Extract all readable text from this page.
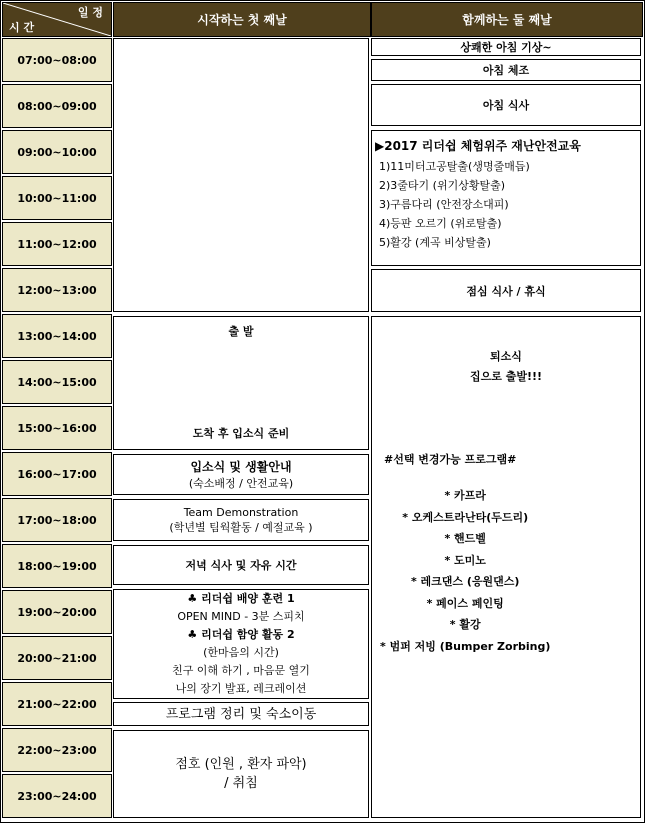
일 정
시 간
시작하는 첫 째날	함께하는 둘 째날
07:00~08:00
08:00~09:00
09:00~10:00
10:00~11:00
11:00~12:00
12:00~13:00
13:00~14:00
14:00~15:00
15:00~16:00
16:00~17:00
17:00~18:00
18:00~19:00
19:00~20:00
20:00~21:00
21:00~22:00
22:00~23:00
23:00~24:00
출 발
도착 후 입소식 준비
입소식 및 생활안내
(숙소배정 / 안전교육)
Team Demonstration
(학년별 팀웍활동 / 예절교육 )
저녁 식사 및 자유 시간
♣ 리더쉽 배양 훈련 1
OPEN MIND - 3분 스피치
♣ 리더쉽 함양 활동 2
(한마음의 시간)
친구 이해 하기 , 마음문 열기
나의 장기 발표, 레크레이션
프로그램 정리 및 숙소이동
점호 (인원 , 환자 파악)
/ 취침
상쾌한 아침 기상~
아침 체조
아침 식사
▶2017 리더쉽 체험위주 재난안전교육
1)11미터고공탈출(생명줄매듭)
2)3줄타기 (위기상황탈출)
3)구름다리 (안전장소대피)
4)등판 오르기 (위로탈출)
5)활강 (계곡 비상탈출)
점심 식사 / 휴식
퇴소식
집으로 출발!!!
#선택 변경가능 프로그램#
* 카프라
* 오케스트라난타(두드리)
* 핸드벨
* 도미노
* 레크댄스 (응원댄스)
* 페이스 페인팅
* 활강
* 범퍼 저빙 (Bumper Zorbing)
